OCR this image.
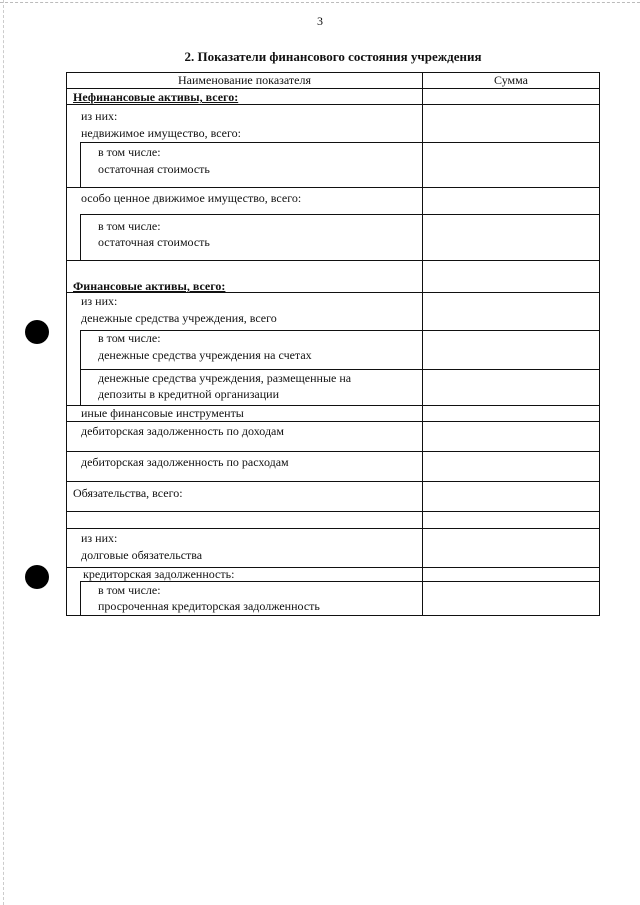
3
2. Показатели финансового состояния учреждения
Наименование показателя	Сумма
Нефинансовые активы, всего:
из них:
недвижимое имущество, всего:
в том числе:
остаточная стоимость
особо ценное движимое имущество, всего:
в том числе:
остаточная стоимость
Финансовые активы, всего:
из них:
денежные средства учреждения, всего
в том числе:
денежные средства учреждения на счетах
денежные средства учреждения, размещенные на
депозиты в кредитной организации
иные финансовые инструменты
дебиторская задолженность по доходам
дебиторская задолженность по расходам
Обязательства, всего:
из них:
долговые обязательства
кредиторская задолженность:
в том числе:
просроченная кредиторская задолженность
